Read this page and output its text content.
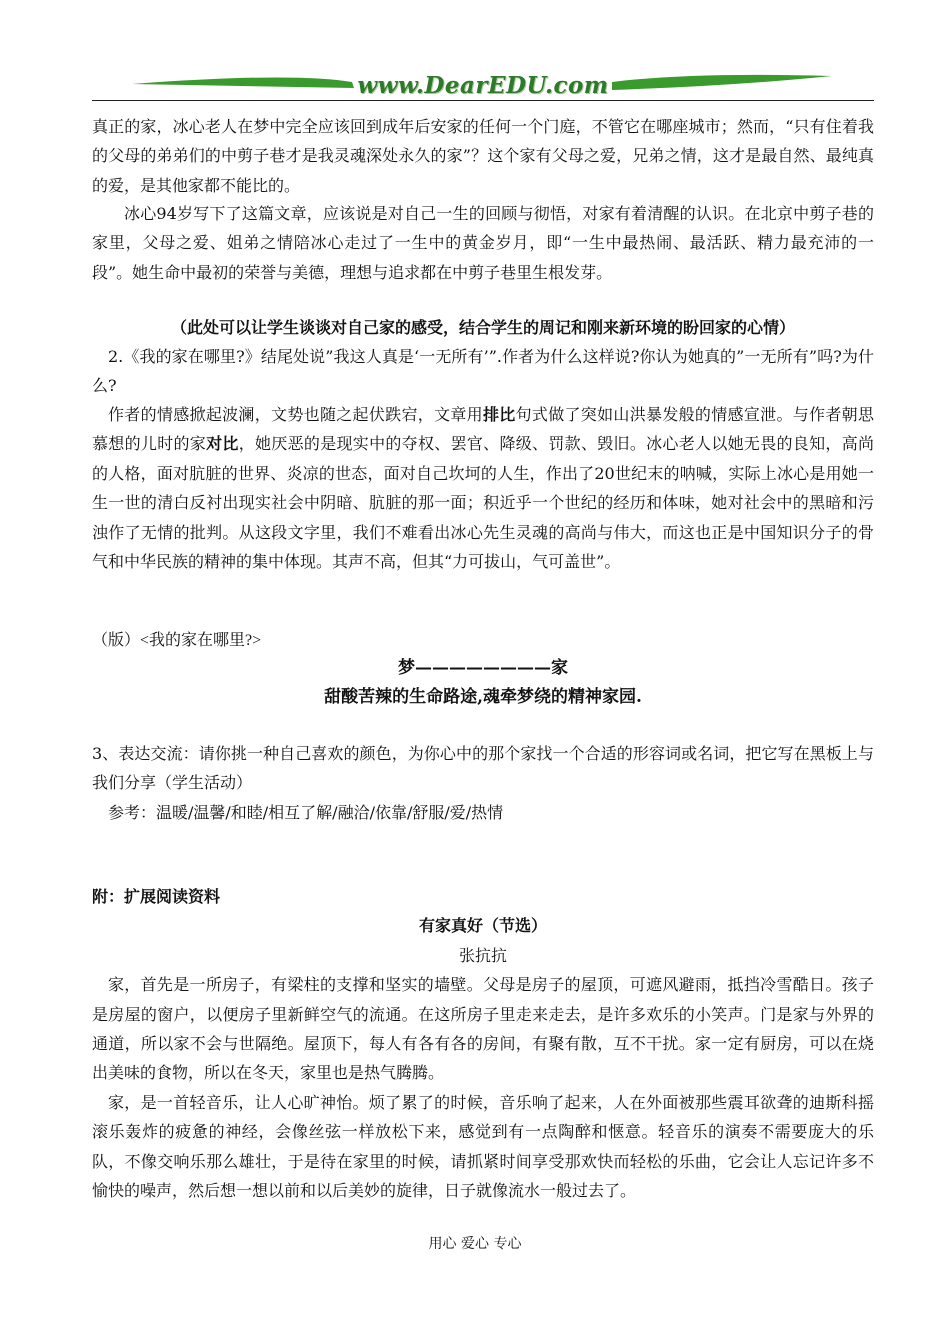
www.DearEDU.com

真正的家，冰心老人在梦中完全应该回到成年后安家的任何一个门庭，不管它在哪座城市；然而，“只有住着我的父母的弟弟们的中剪子巷才是我灵魂深处永久的家”？这个家有父母之爱，兄弟之情，这才是最自然、最纯真的爱，是其他家都不能比的。

冰心94岁写下了这篇文章，应该说是对自己一生的回顾与彻悟，对家有着清醒的认识。在北京中剪子巷的家里，父母之爱、姐弟之情陪冰心走过了一生中的黄金岁月，即“一生中最热闹、最活跃、精力最充沛的一段”。她生命中最初的荣誉与美德，理想与追求都在中剪子巷里生根发芽。

（此处可以让学生谈谈对自己家的感受，结合学生的周记和刚来新环境的盼回家的心情）

2.《我的家在哪里?》结尾处说”我这人真是‘一无所有’”.作者为什么这样说?你认为她真的”一无所有”吗?为什么?

作者的情感掀起波澜，文势也随之起伏跌宕，文章用排比句式做了突如山洪暴发般的情感宣泄。与作者朝思慕想的儿时的家对比，她厌恶的是现实中的夺权、罢官、降级、罚款、毁旧。冰心老人以她无畏的良知，高尚的人格，面对肮脏的世界、炎凉的世态，面对自己坎坷的人生，作出了20世纪末的呐喊，实际上冰心是用她一生一世的清白反衬出现实社会中阴暗、肮脏的那一面；积近乎一个世纪的经历和体味，她对社会中的黑暗和污浊作了无情的批判。从这段文字里，我们不难看出冰心先生灵魂的高尚与伟大，而这也正是中国知识分子的骨气和中华民族的精神的集中体现。其声不高，但其“力可拔山，气可盖世”。

（版）<我的家在哪里?>

梦————————家

甜酸苦辣的生命路途,魂牵梦绕的精神家园.

3、表达交流：请你挑一种自己喜欢的颜色，为你心中的那个家找一个合适的形容词或名词，把它写在黑板上与我们分享（学生活动）

参考：温暖/温馨/和睦/相互了解/融洽/依靠/舒服/爱/热情

附：扩展阅读资料

有家真好（节选）

张抗抗

家，首先是一所房子，有梁柱的支撑和坚实的墙壁。父母是房子的屋顶，可遮风避雨，抵挡冷雪酷日。孩子是房屋的窗户，以便房子里新鲜空气的流通。在这所房子里走来走去，是许多欢乐的小笑声。门是家与外界的通道，所以家不会与世隔绝。屋顶下，每人有各有各的房间，有聚有散，互不干扰。家一定有厨房，可以在烧出美味的食物，所以在冬天，家里也是热气腾腾。

家，是一首轻音乐，让人心旷神怡。烦了累了的时候，音乐响了起来，人在外面被那些震耳欲聋的迪斯科摇滚乐轰炸的疲惫的神经，会像丝弦一样放松下来，感觉到有一点陶醉和惬意。轻音乐的演奏不需要庞大的乐队，不像交响乐那么雄壮，于是待在家里的时候，请抓紧时间享受那欢快而轻松的乐曲，它会让人忘记许多不愉快的噪声，然后想一想以前和以后美妙的旋律，日子就像流水一般过去了。

用心 爱心 专心
